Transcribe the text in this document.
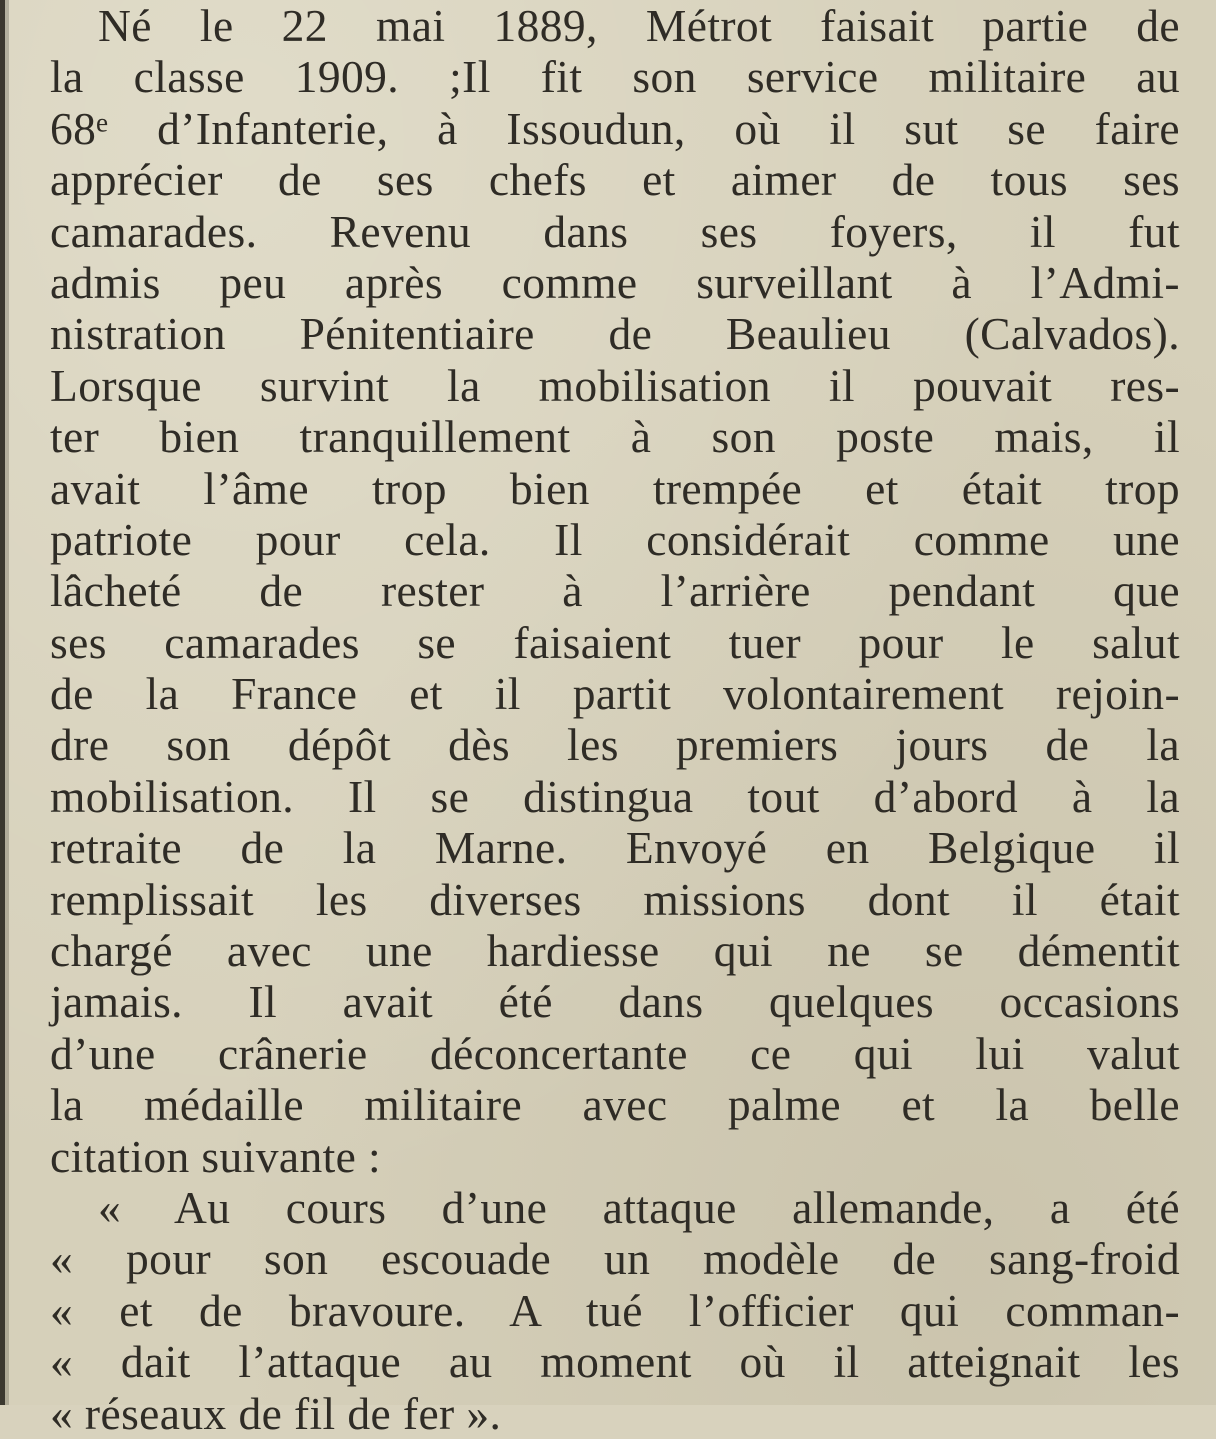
Né le 22 mai 1889, Métrot faisait partie de
la classe 1909. ;Il fit son service militaire au
68ᵉ d’Infanterie, à Issoudun, où il sut se faire
apprécier de ses chefs et aimer de tous ses
camarades. Revenu dans ses foyers, il fut
admis peu après comme surveillant à l’Admi-
nistration Pénitentiaire de Beaulieu (Calvados).
Lorsque survint la mobilisation il pouvait res-
ter bien tranquillement à son poste mais, il
avait l’âme trop bien trempée et était trop
patriote pour cela. Il considérait comme une
lâcheté de rester à l’arrière pendant que
ses camarades se faisaient tuer pour le salut
de la France et il partit volontairement rejoin-
dre son dépôt dès les premiers jours de la
mobilisation. Il se distingua tout d’abord à la
retraite de la Marne. Envoyé en Belgique il
remplissait les diverses missions dont il était
chargé avec une hardiesse qui ne se démentit
jamais. Il avait été dans quelques occasions
d’une crânerie déconcertante ce qui lui valut
la médaille militaire avec palme et la belle
citation suivante :
« Au cours d’une attaque allemande, a été
« pour son escouade un modèle de sang-froid
« et de bravoure. A tué l’officier qui comman-
« dait l’attaque au moment où il atteignait les
« réseaux de fil de fer ».
